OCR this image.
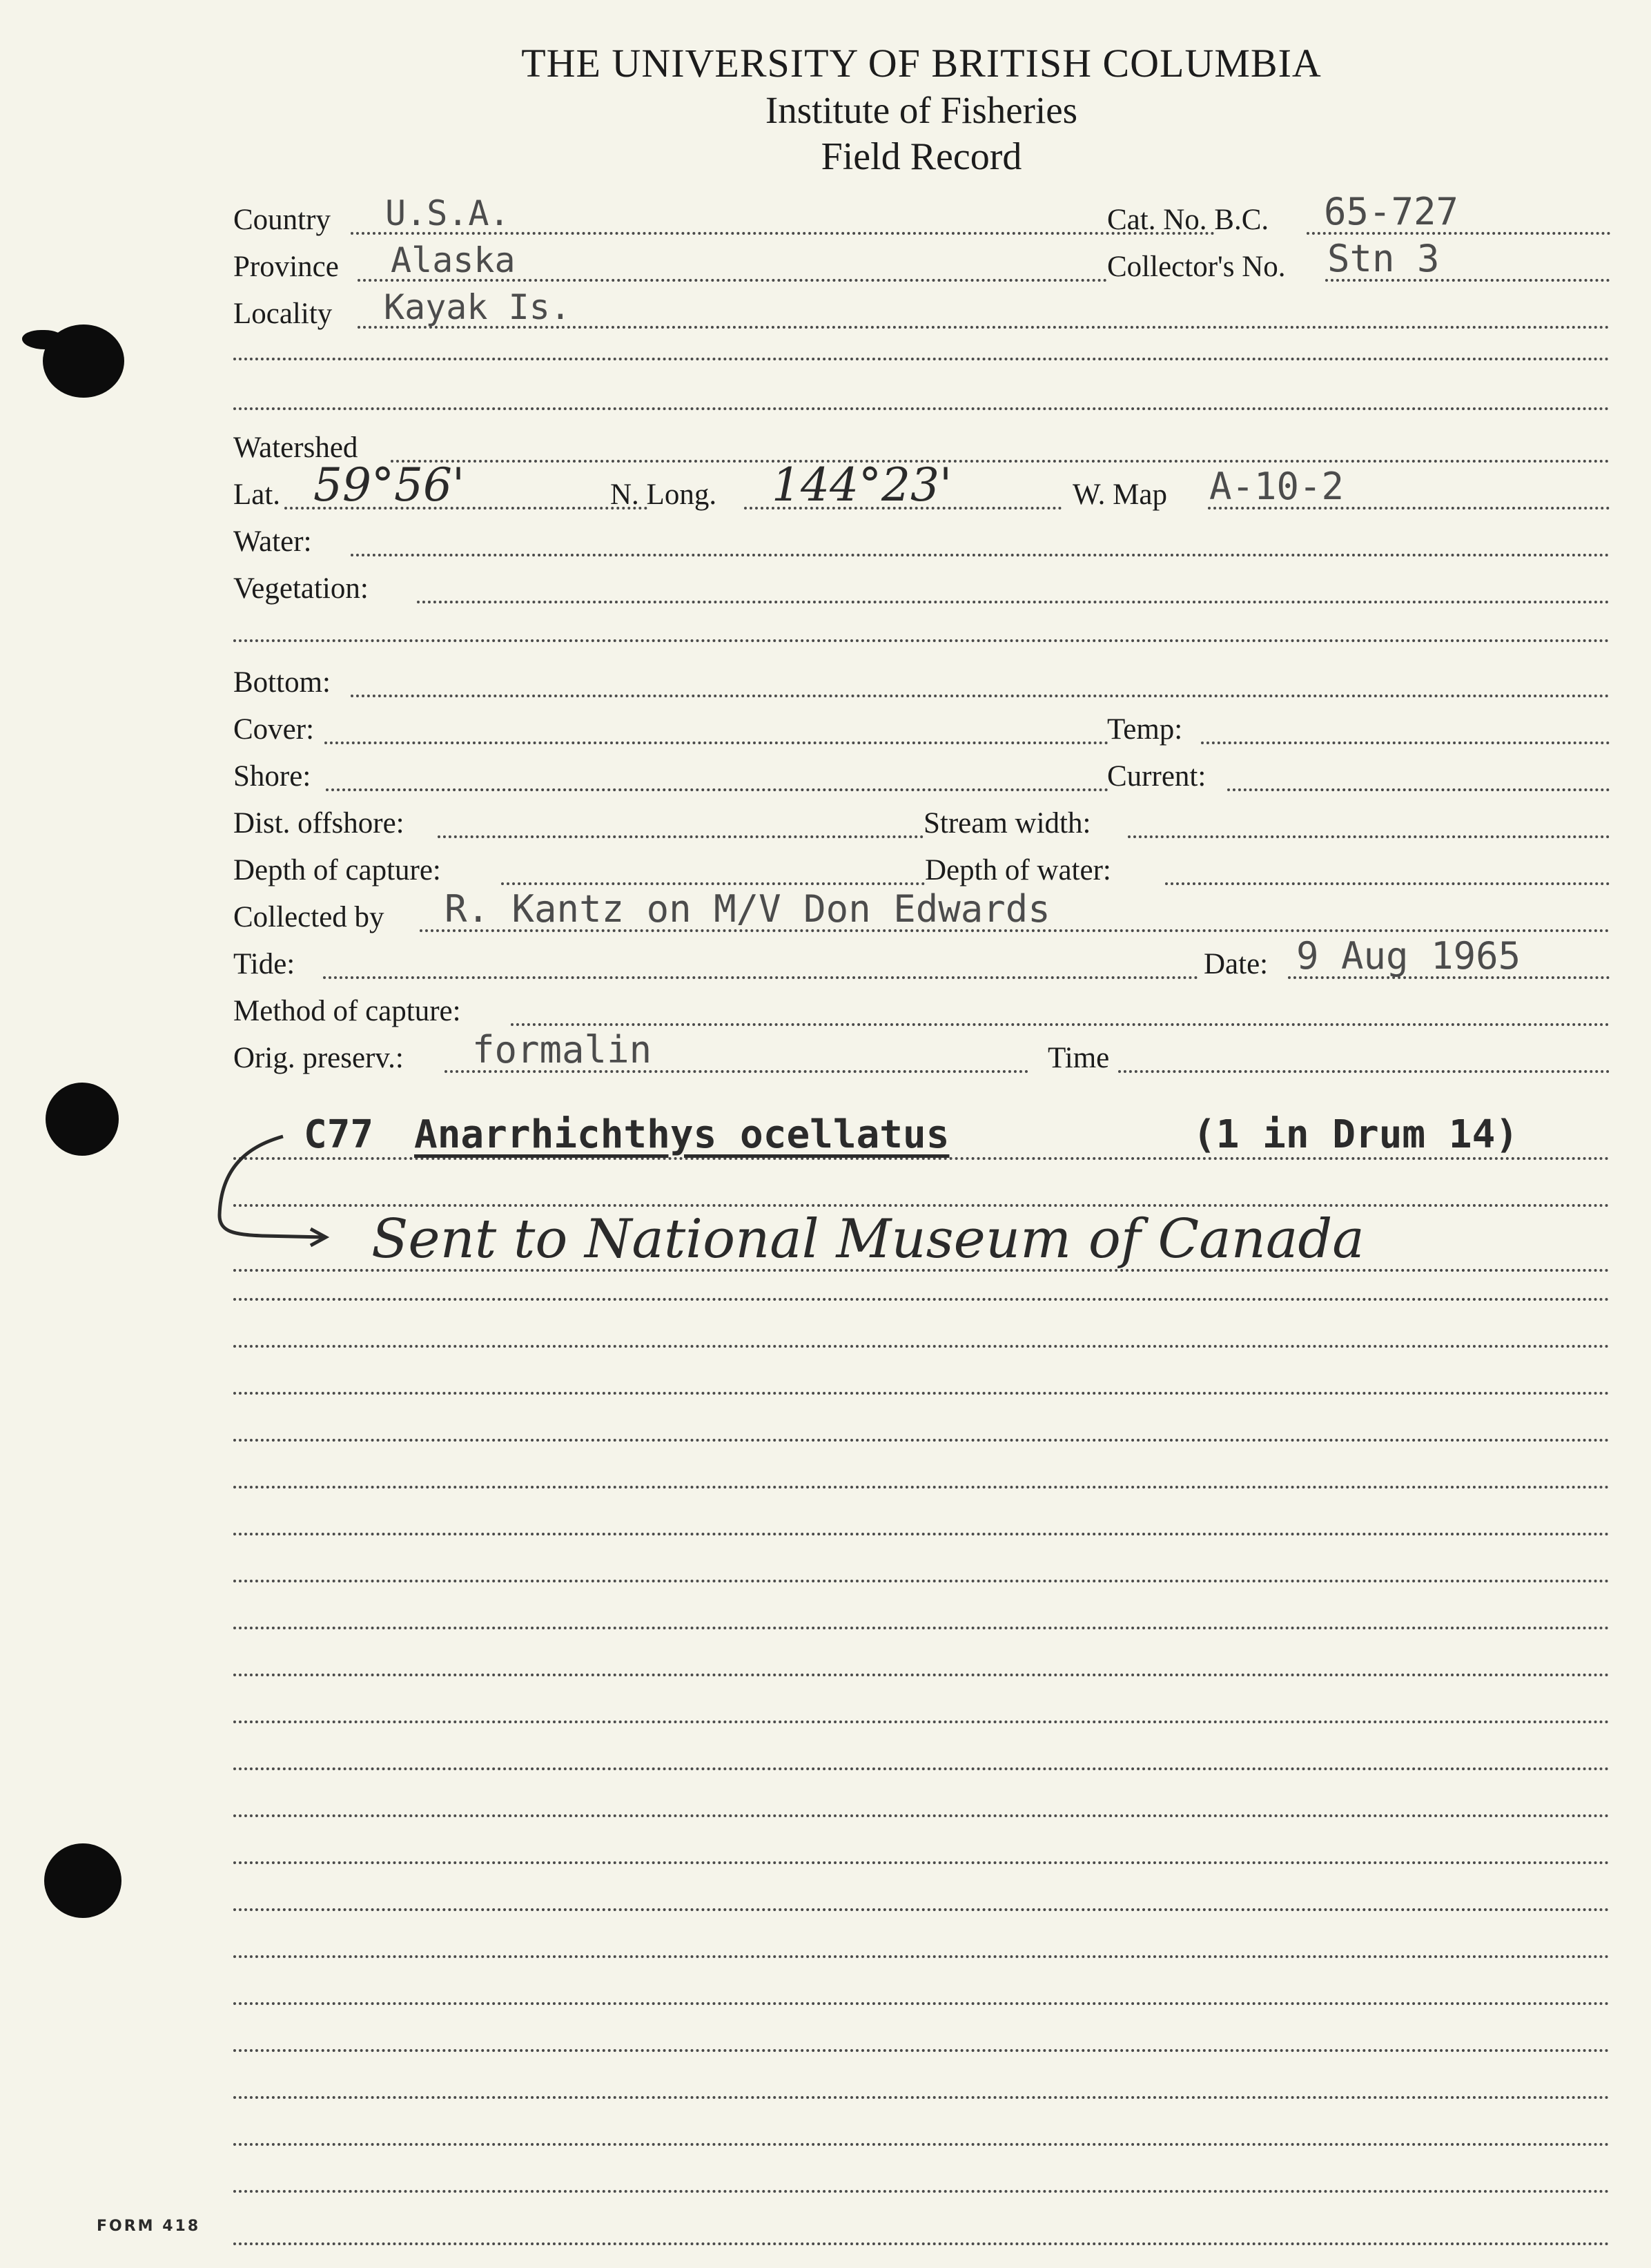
THE UNIVERSITY OF BRITISH COLUMBIA
Institute of Fisheries
Field Record
Country U.S.A.	Cat. No. B.C. 65-727
Province Alaska	Collector's No. Stn 3
Locality Kayak Is.
Watershed
Lat. 59°56'	N. Long. 144°23'	W. Map A-10-2
Water:
Vegetation:
Bottom:
Cover:	Temp:
Shore:	Current:
Dist. offshore:	Stream width:
Depth of capture:	Depth of water:
Collected by R. Kantz on M/V Don Edwards
Tide:	Date: 9 Aug 1965
Method of capture:
Orig. preserv.: formalin	Time
C77 Anarrhichthys ocellatus	(1 in Drum 14)
Sent to National Museum of Canada
FORM 418
